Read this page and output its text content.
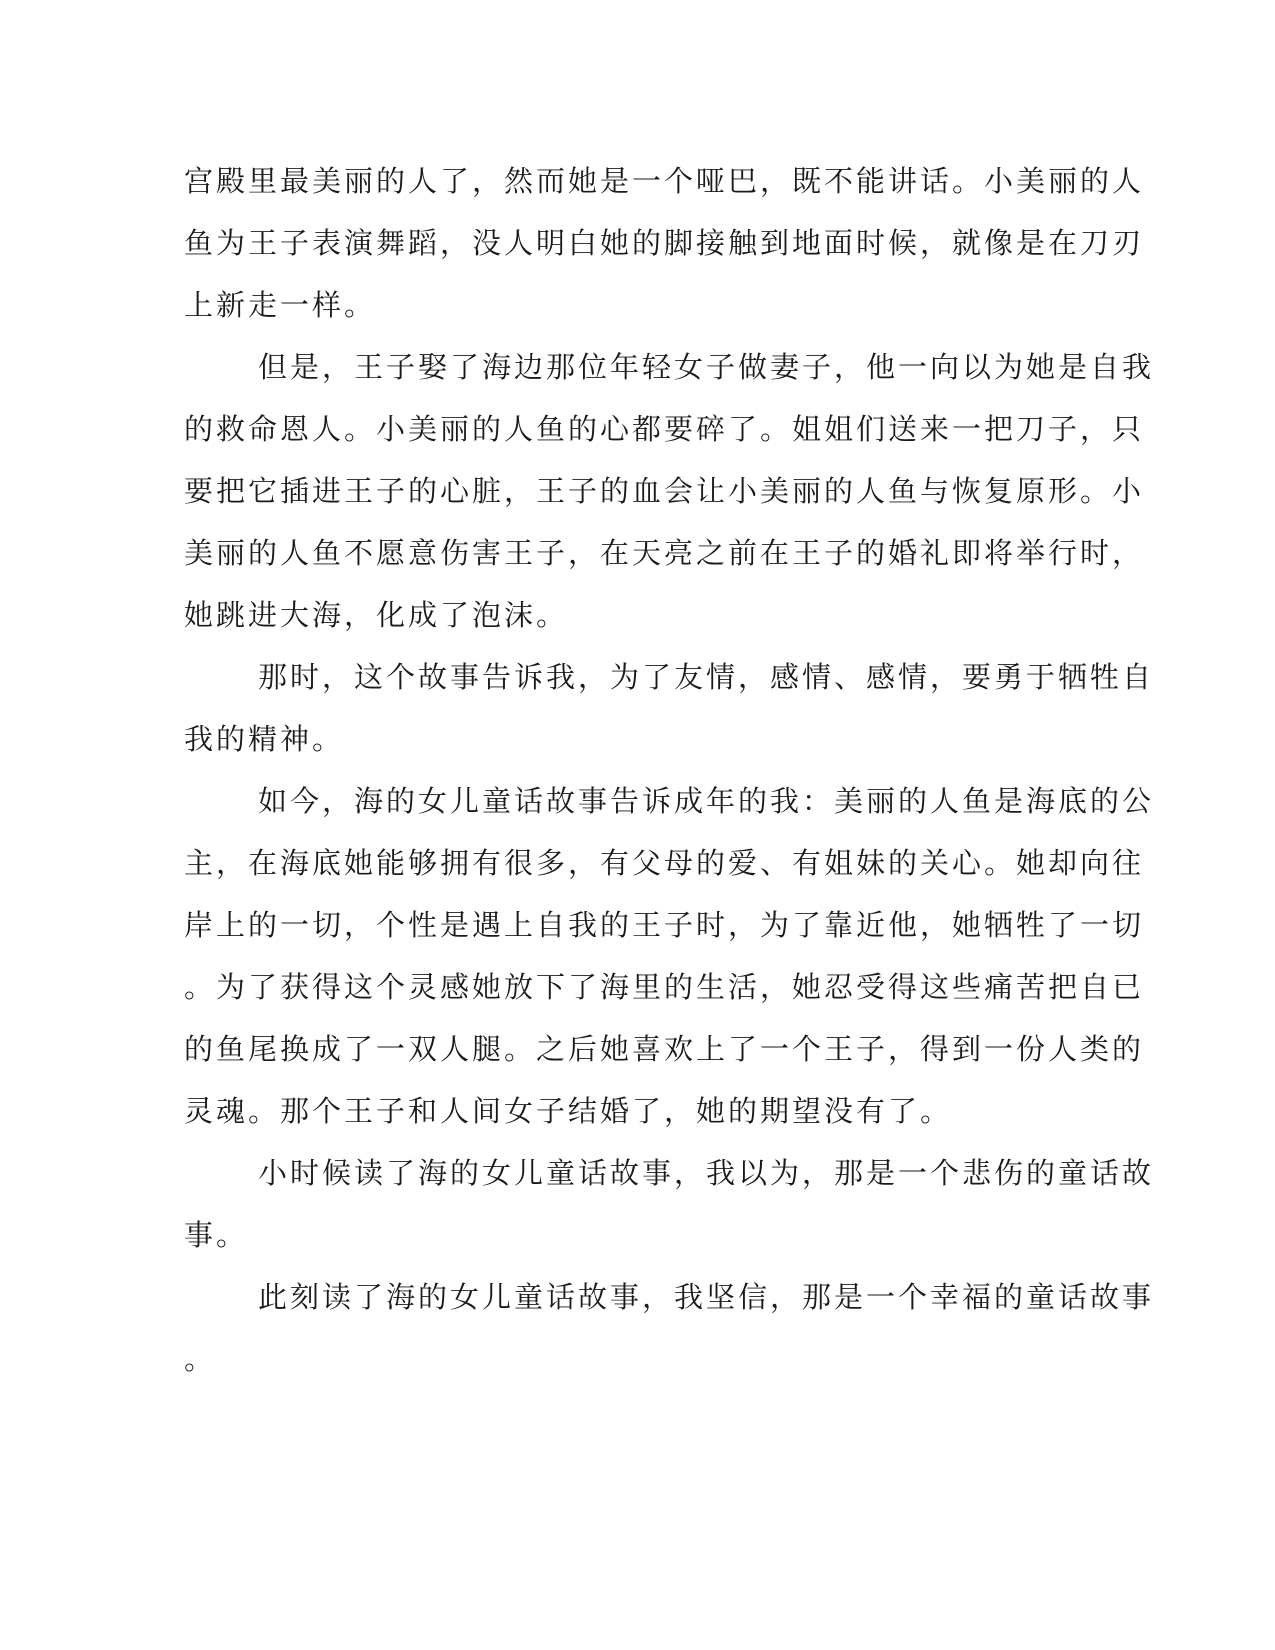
宫殿里最美丽的人了，然而她是一个哑巴，既不能讲话。小美丽的人
鱼为王子表演舞蹈，没人明白她的脚接触到地面时候，就像是在刀刃
上新走一样。
但是，王子娶了海边那位年轻女子做妻子，他一向以为她是自我
的救命恩人。小美丽的人鱼的心都要碎了。姐姐们送来一把刀子，只
要把它插进王子的心脏，王子的血会让小美丽的人鱼与恢复原形。小
美丽的人鱼不愿意伤害王子，在天亮之前在王子的婚礼即将举行时，
她跳进大海，化成了泡沫。
那时，这个故事告诉我，为了友情，感情、感情，要勇于牺牲自
我的精神。
如今，海的女儿童话故事告诉成年的我：美丽的人鱼是海底的公
主，在海底她能够拥有很多，有父母的爱、有姐妹的关心。她却向往
岸上的一切，个性是遇上自我的王子时，为了靠近他，她牺牲了一切
。为了获得这个灵感她放下了海里的生活，她忍受得这些痛苦把自已
的鱼尾换成了一双人腿。之后她喜欢上了一个王子，得到一份人类的
灵魂。那个王子和人间女子结婚了，她的期望没有了。
小时候读了海的女儿童话故事，我以为，那是一个悲伤的童话故
事。
此刻读了海的女儿童话故事，我坚信，那是一个幸福的童话故事
。
